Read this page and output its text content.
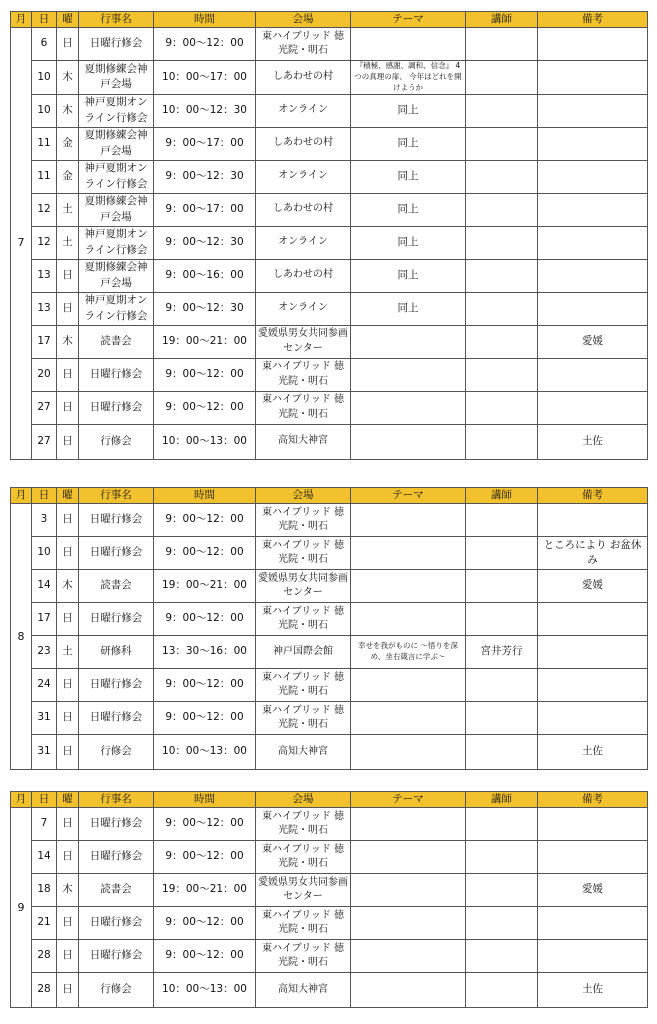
月	日	曜	行事名	時間	会場	テーマ	講師	備考
7	6	日	日曜行修会	9：00～12：00	東ハイブリッド 徳光院・明石			
	10	木	夏期修練会神戸会場	10：00～17：00	しあわせの村	『積極、感謝、調和、信念』 4つの真理の扉、 今年はどれを開けようか		
	10	木	神戸夏期オンライン行修会	10：00～12：30	オンライン	同上		
	11	金	夏期修練会神戸会場	9：00～17：00	しあわせの村	同上		
	11	金	神戸夏期オンライン行修会	9：00～12：30	オンライン	同上		
	12	土	夏期修練会神戸会場	9：00～17：00	しあわせの村	同上		
	12	土	神戸夏期オンライン行修会	9：00～12：30	オンライン	同上		
	13	日	夏期修練会神戸会場	9：00～16：00	しあわせの村	同上		
	13	日	神戸夏期オンライン行修会	9：00～12：30	オンライン	同上		
	17	木	読書会	19：00～21：00	愛媛県男女共同参画センター			愛媛
	20	日	日曜行修会	9：00～12：00	東ハイブリッド 徳光院・明石			
	27	日	日曜行修会	9：00～12：00	東ハイブリッド 徳光院・明石			
	27	日	行修会	10：00～13：00	高知大神宮			土佐
月	日	曜	行事名	時間	会場	テーマ	講師	備考
8	3	日	日曜行修会	9：00～12：00	東ハイブリッド 徳光院・明石			
	10	日	日曜行修会	9：00～12：00	東ハイブリッド 徳光院・明石			ところにより お盆休み
	14	木	読書会	19：00～21：00	愛媛県男女共同参画センター			愛媛
	17	日	日曜行修会	9：00～12：00	東ハイブリッド 徳光院・明石			
	23	土	研修科	13：30～16：00	神戸国際会館	幸せを我がものに ～悟りを深め、坐右箴言に学ぶ～	宮井芳行	
	24	日	日曜行修会	9：00～12：00	東ハイブリッド 徳光院・明石			
	31	日	日曜行修会	9：00～12：00	東ハイブリッド 徳光院・明石			
	31	日	行修会	10：00～13：00	高知大神宮			土佐
月	日	曜	行事名	時間	会場	テーマ	講師	備考
9	7	日	日曜行修会	9：00～12：00	東ハイブリッド 徳光院・明石			
	14	日	日曜行修会	9：00～12：00	東ハイブリッド 徳光院・明石			
	18	木	読書会	19：00～21：00	愛媛県男女共同参画センター			愛媛
	21	日	日曜行修会	9：00～12：00	東ハイブリッド 徳光院・明石			
	28	日	日曜行修会	9：00～12：00	東ハイブリッド 徳光院・明石			
	28	日	行修会	10：00～13：00	高知大神宮			土佐
